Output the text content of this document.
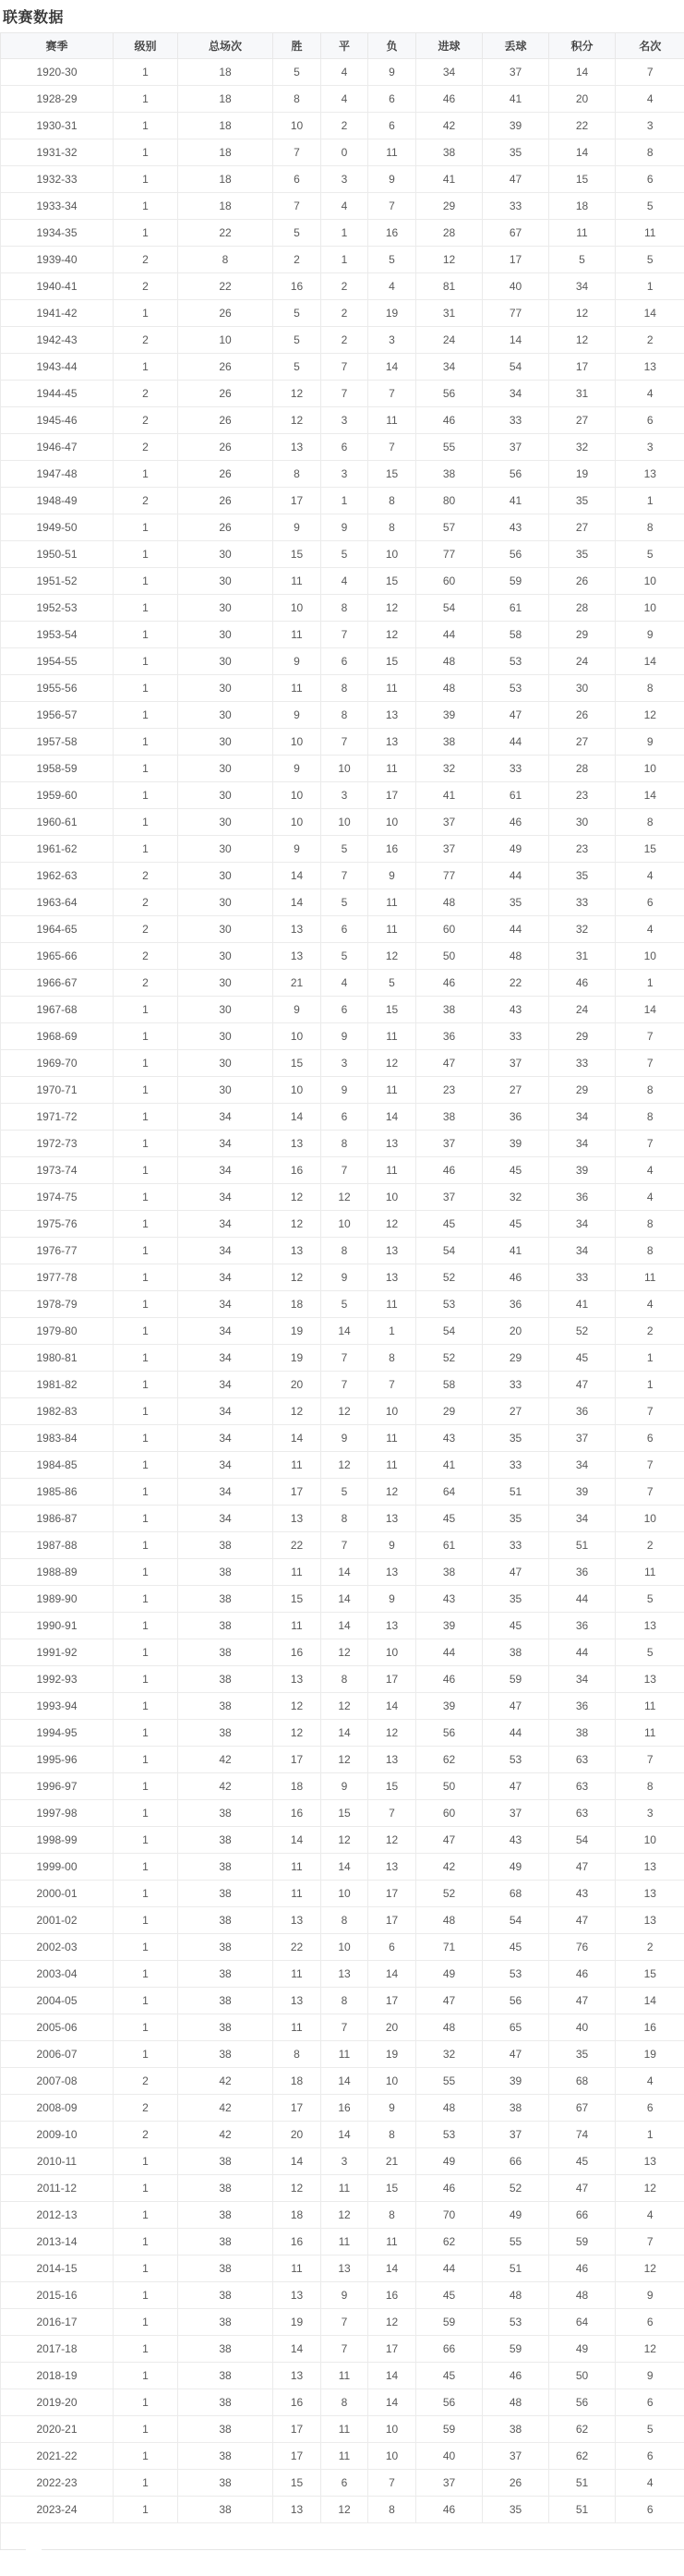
联赛数据
赛季	级别	总场次	胜	平	负	进球	丢球	积分	名次
1920-30	1	18	5	4	9	34	37	14	7
1928-29	1	18	8	4	6	46	41	20	4
1930-31	1	18	10	2	6	42	39	22	3
1931-32	1	18	7	0	11	38	35	14	8
1932-33	1	18	6	3	9	41	47	15	6
1933-34	1	18	7	4	7	29	33	18	5
1934-35	1	22	5	1	16	28	67	11	11
1939-40	2	8	2	1	5	12	17	5	5
1940-41	2	22	16	2	4	81	40	34	1
1941-42	1	26	5	2	19	31	77	12	14
1942-43	2	10	5	2	3	24	14	12	2
1943-44	1	26	5	7	14	34	54	17	13
1944-45	2	26	12	7	7	56	34	31	4
1945-46	2	26	12	3	11	46	33	27	6
1946-47	2	26	13	6	7	55	37	32	3
1947-48	1	26	8	3	15	38	56	19	13
1948-49	2	26	17	1	8	80	41	35	1
1949-50	1	26	9	9	8	57	43	27	8
1950-51	1	30	15	5	10	77	56	35	5
1951-52	1	30	11	4	15	60	59	26	10
1952-53	1	30	10	8	12	54	61	28	10
1953-54	1	30	11	7	12	44	58	29	9
1954-55	1	30	9	6	15	48	53	24	14
1955-56	1	30	11	8	11	48	53	30	8
1956-57	1	30	9	8	13	39	47	26	12
1957-58	1	30	10	7	13	38	44	27	9
1958-59	1	30	9	10	11	32	33	28	10
1959-60	1	30	10	3	17	41	61	23	14
1960-61	1	30	10	10	10	37	46	30	8
1961-62	1	30	9	5	16	37	49	23	15
1962-63	2	30	14	7	9	77	44	35	4
1963-64	2	30	14	5	11	48	35	33	6
1964-65	2	30	13	6	11	60	44	32	4
1965-66	2	30	13	5	12	50	48	31	10
1966-67	2	30	21	4	5	46	22	46	1
1967-68	1	30	9	6	15	38	43	24	14
1968-69	1	30	10	9	11	36	33	29	7
1969-70	1	30	15	3	12	47	37	33	7
1970-71	1	30	10	9	11	23	27	29	8
1971-72	1	34	14	6	14	38	36	34	8
1972-73	1	34	13	8	13	37	39	34	7
1973-74	1	34	16	7	11	46	45	39	4
1974-75	1	34	12	12	10	37	32	36	4
1975-76	1	34	12	10	12	45	45	34	8
1976-77	1	34	13	8	13	54	41	34	8
1977-78	1	34	12	9	13	52	46	33	11
1978-79	1	34	18	5	11	53	36	41	4
1979-80	1	34	19	14	1	54	20	52	2
1980-81	1	34	19	7	8	52	29	45	1
1981-82	1	34	20	7	7	58	33	47	1
1982-83	1	34	12	12	10	29	27	36	7
1983-84	1	34	14	9	11	43	35	37	6
1984-85	1	34	11	12	11	41	33	34	7
1985-86	1	34	17	5	12	64	51	39	7
1986-87	1	34	13	8	13	45	35	34	10
1987-88	1	38	22	7	9	61	33	51	2
1988-89	1	38	11	14	13	38	47	36	11
1989-90	1	38	15	14	9	43	35	44	5
1990-91	1	38	11	14	13	39	45	36	13
1991-92	1	38	16	12	10	44	38	44	5
1992-93	1	38	13	8	17	46	59	34	13
1993-94	1	38	12	12	14	39	47	36	11
1994-95	1	38	12	14	12	56	44	38	11
1995-96	1	42	17	12	13	62	53	63	7
1996-97	1	42	18	9	15	50	47	63	8
1997-98	1	38	16	15	7	60	37	63	3
1998-99	1	38	14	12	12	47	43	54	10
1999-00	1	38	11	14	13	42	49	47	13
2000-01	1	38	11	10	17	52	68	43	13
2001-02	1	38	13	8	17	48	54	47	13
2002-03	1	38	22	10	6	71	45	76	2
2003-04	1	38	11	13	14	49	53	46	15
2004-05	1	38	13	8	17	47	56	47	14
2005-06	1	38	11	7	20	48	65	40	16
2006-07	1	38	8	11	19	32	47	35	19
2007-08	2	42	18	14	10	55	39	68	4
2008-09	2	42	17	16	9	48	38	67	6
2009-10	2	42	20	14	8	53	37	74	1
2010-11	1	38	14	3	21	49	66	45	13
2011-12	1	38	12	11	15	46	52	47	12
2012-13	1	38	18	12	8	70	49	66	4
2013-14	1	38	16	11	11	62	55	59	7
2014-15	1	38	11	13	14	44	51	46	12
2015-16	1	38	13	9	16	45	48	48	9
2016-17	1	38	19	7	12	59	53	64	6
2017-18	1	38	14	7	17	66	59	49	12
2018-19	1	38	13	11	14	45	46	50	9
2019-20	1	38	16	8	14	56	48	56	6
2020-21	1	38	17	11	10	59	38	62	5
2021-22	1	38	17	11	10	40	37	62	6
2022-23	1	38	15	6	7	37	26	51	4
2023-24	1	38	13	12	8	46	35	51	6
